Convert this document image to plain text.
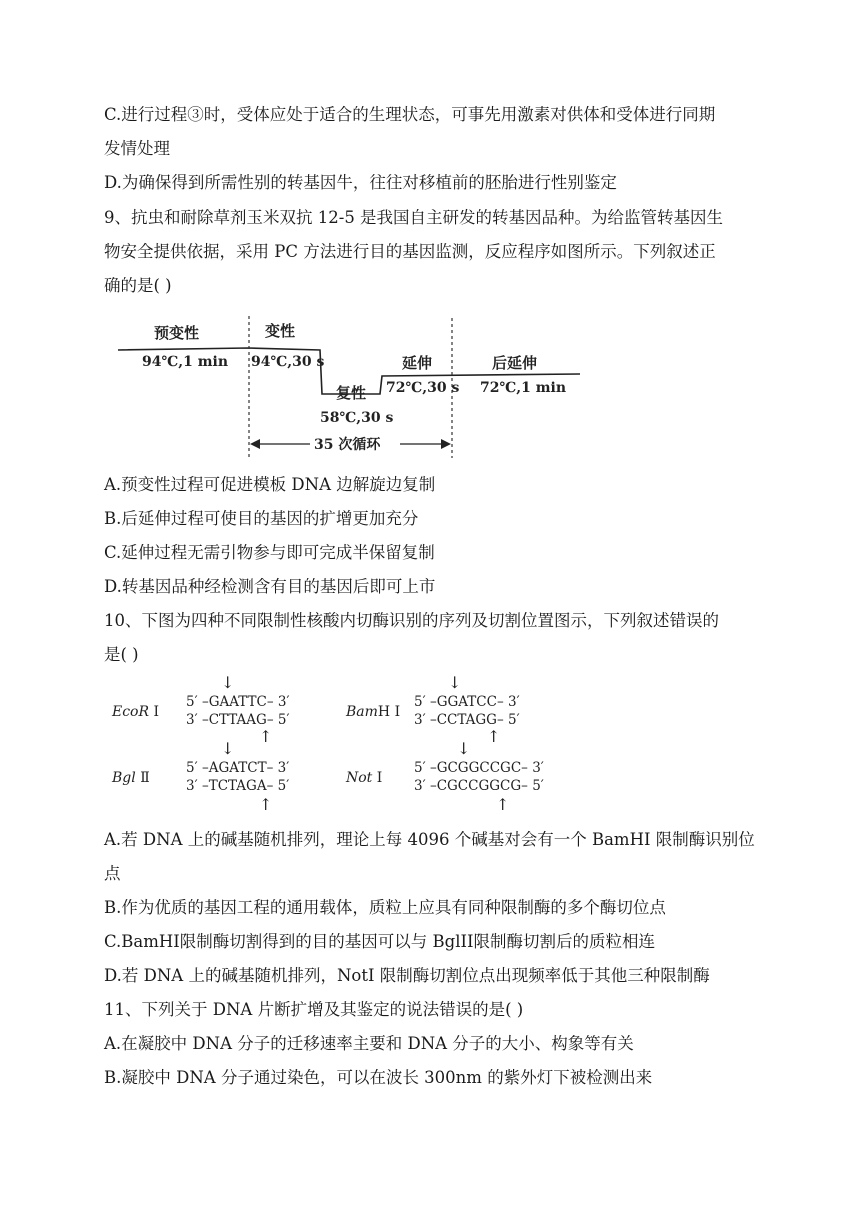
C.进行过程③时，受体应处于适合的生理状态，可事先用激素对供体和受体进行同期
发情处理
D.为确保得到所需性别的转基因牛，往往对移植前的胚胎进行性别鉴定
9、抗虫和耐除草剂玉米双抗 12-5 是我国自主研发的转基因品种。为给监管转基因生
物安全提供依据，采用 PC 方法进行目的基因监测，反应程序如图所示。下列叙述正
确的是( )
预变性
94℃,1 min
变性
94℃,30 s
复性
58℃,30 s
延伸
72℃,30 s
后延伸
72℃,1 min
35 次循环
A.预变性过程可促进模板 DNA 边解旋边复制
B.后延伸过程可使目的基因的扩增更加充分
C.延伸过程无需引物参与即可完成半保留复制
D.转基因品种经检测含有目的基因后即可上市
10、下图为四种不同限制性核酸内切酶识别的序列及切割位置图示，下列叙述错误的
是( )
EcoR Ⅰ
↓
5′ –GAATTC– 3′
3′ –CTTAAG– 5′
↑
BamH Ⅰ
↓
5′ –GGATCC– 3′
3′ –CCTAGG– 5′
↑
Bgl Ⅱ
↓
5′ –AGATCT– 3′
3′ –TCTAGA– 5′
↑
Not Ⅰ
↓
5′ –GCGGCCGC– 3′
3′ –CGCCGGCG– 5′
↑
A.若 DNA 上的碱基随机排列，理论上每 4096 个碱基对会有一个 BamHI 限制酶识别位
点
B.作为优质的基因工程的通用载体，质粒上应具有同种限制酶的多个酶切位点
C.BamHI限制酶切割得到的目的基因可以与 BglII限制酶切割后的质粒相连
D.若 DNA 上的碱基随机排列，NotI 限制酶切割位点出现频率低于其他三种限制酶
11、下列关于 DNA 片断扩增及其鉴定的说法错误的是( )
A.在凝胶中 DNA 分子的迁移速率主要和 DNA 分子的大小、构象等有关
B.凝胶中 DNA 分子通过染色，可以在波长 300nm 的紫外灯下被检测出来
